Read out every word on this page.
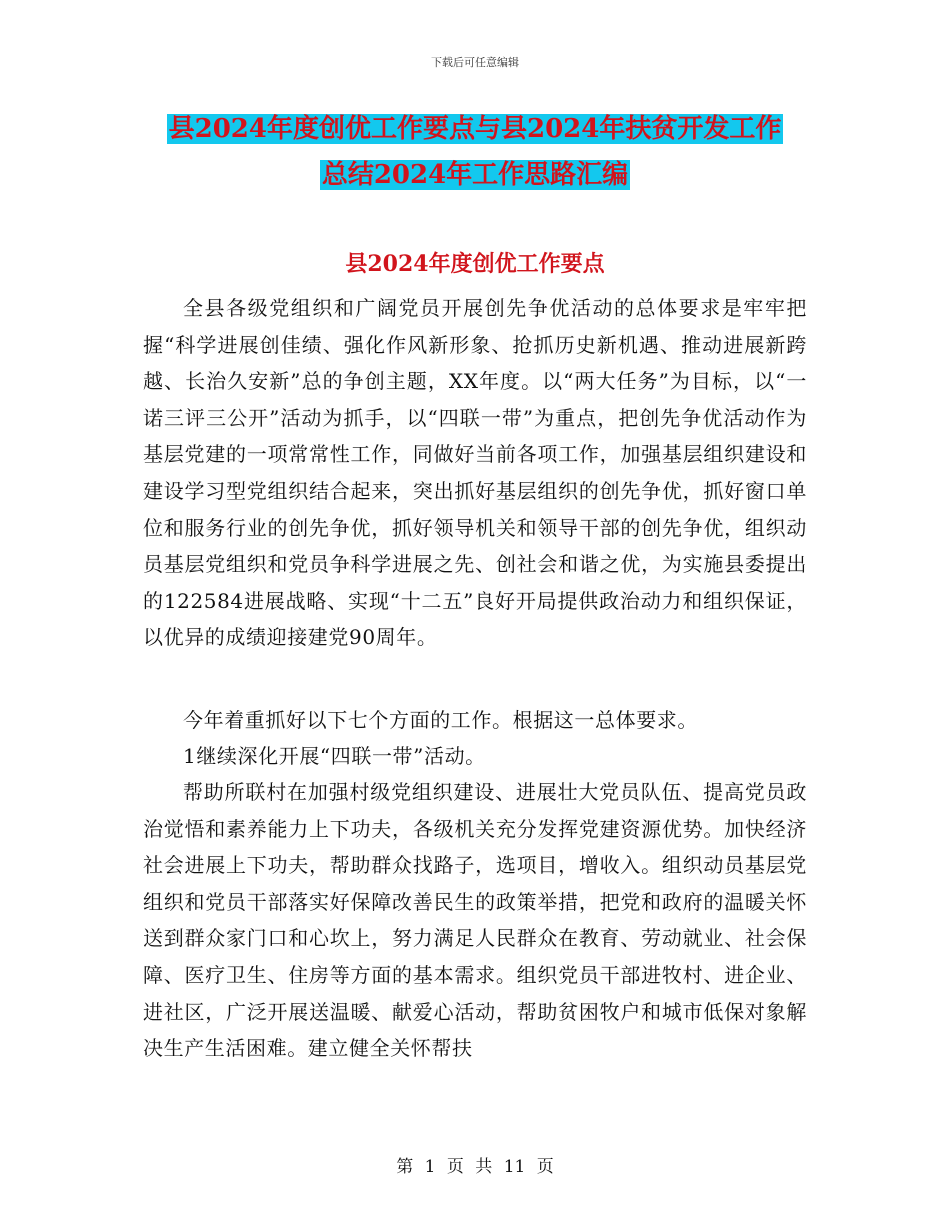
下载后可任意编辑
县2024年度创优工作要点与县2024年扶贫开发工作
总结2024年工作思路汇编
县2024年度创优工作要点

全县各级党组织和广阔党员开展创先争优活动的总体要求是牢牢把握“科学进展创佳绩、强化作风新形象、抢抓历史新机遇、推动进展新跨越、长治久安新”总的争创主题，XX年度。以“两大任务”为目标，以“一诺三评三公开”活动为抓手，以“四联一带”为重点，把创先争优活动作为基层党建的一项常常性工作，同做好当前各项工作，加强基层组织建设和建设学习型党组织结合起来，突出抓好基层组织的创先争优，抓好窗口单位和服务行业的创先争优，抓好领导机关和领导干部的创先争优，组织动员基层党组织和党员争科学进展之先、创社会和谐之优，为实施县委提出的122584进展战略、实现“十二五”良好开局提供政治动力和组织保证，以优异的成绩迎接建党90周年。

今年着重抓好以下七个方面的工作。根据这一总体要求。

1继续深化开展“四联一带”活动。

帮助所联村在加强村级党组织建设、进展壮大党员队伍、提高党员政治觉悟和素养能力上下功夫，各级机关充分发挥党建资源优势。加快经济社会进展上下功夫，帮助群众找路子，选项目，增收入。组织动员基层党组织和党员干部落实好保障改善民生的政策举措，把党和政府的温暖关怀送到群众家门口和心坎上，努力满足人民群众在教育、劳动就业、社会保障、医疗卫生、住房等方面的基本需求。组织党员干部进牧村、进企业、进社区，广泛开展送温暖、献爱心活动，帮助贫困牧户和城市低保对象解决生产生活困难。建立健全关怀帮扶

第 1 页 共 11 页
